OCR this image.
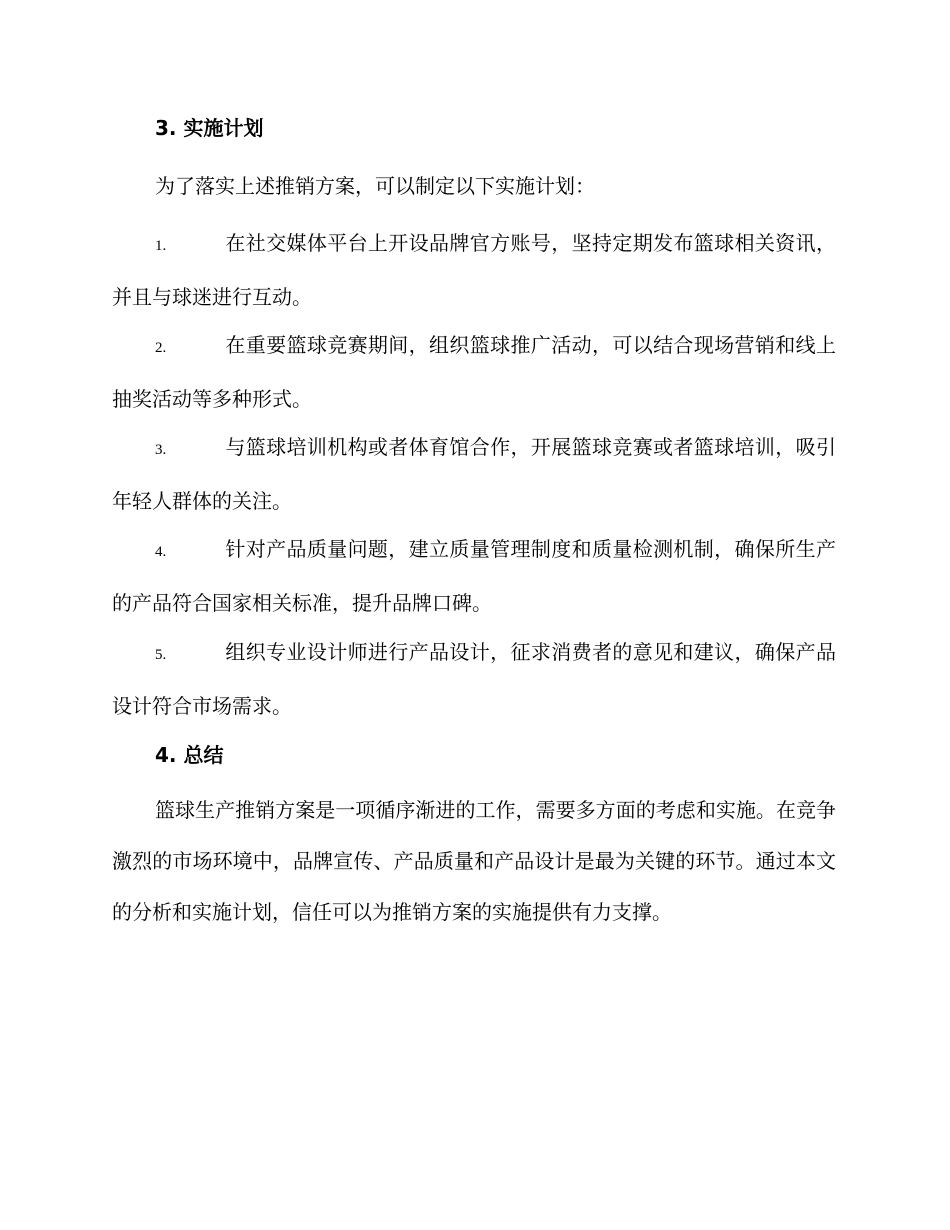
3. 实施计划

为了落实上述推销方案，可以制定以下实施计划：

1.	在社交媒体平台上开设品牌官方账号，坚持定期发布篮球相关资讯，并且与球迷进行互动。

2.	在重要篮球竞赛期间，组织篮球推广活动，可以结合现场营销和线上抽奖活动等多种形式。

3.	与篮球培训机构或者体育馆合作，开展篮球竞赛或者篮球培训，吸引年轻人群体的关注。

4.	针对产品质量问题，建立质量管理制度和质量检测机制，确保所生产的产品符合国家相关标准，提升品牌口碑。

5.	组织专业设计师进行产品设计，征求消费者的意见和建议，确保产品设计符合市场需求。

4. 总结

篮球生产推销方案是一项循序渐进的工作，需要多方面的考虑和实施。在竞争激烈的市场环境中，品牌宣传、产品质量和产品设计是最为关键的环节。通过本文的分析和实施计划，信任可以为推销方案的实施提供有力支撑。
